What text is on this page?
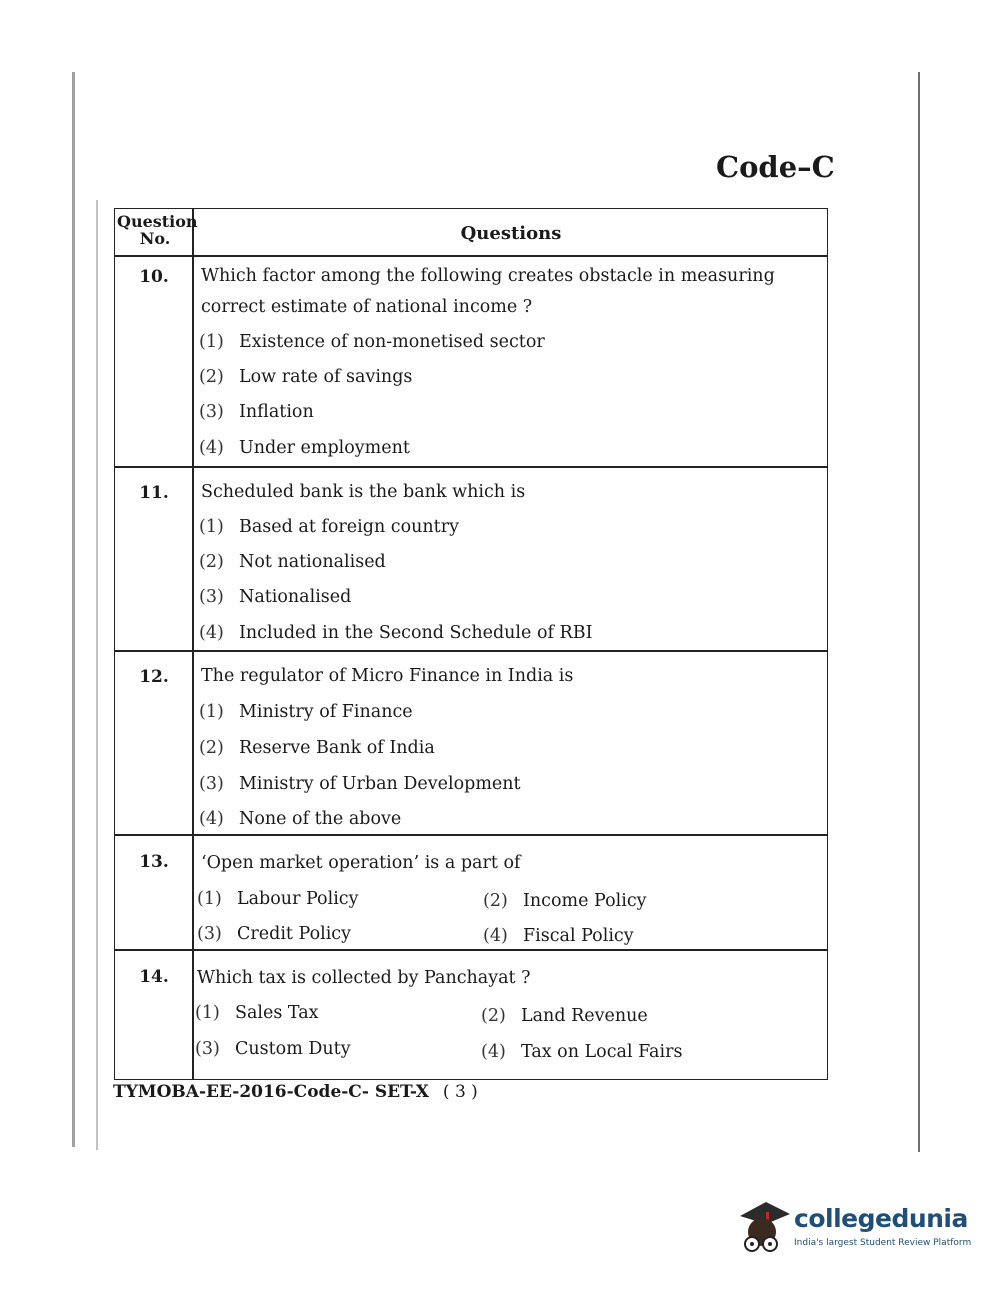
Code–C
Question
No.	Questions
10.	Which factor among the following creates obstacle in measuring correct estimate of national income ?
(1) Existence of non-monetised sector
(2) Low rate of savings
(3) Inflation
(4) Under employment
11.	Scheduled bank is the bank which is
(1) Based at foreign country
(2) Not nationalised
(3) Nationalised
(4) Included in the Second Schedule of RBI
12.	The regulator of Micro Finance in India is
(1) Ministry of Finance
(2) Reserve Bank of India
(3) Ministry of Urban Development
(4) None of the above
13.	‘Open market operation’ is a part of
(1) Labour Policy	(2) Income Policy
(3) Credit Policy	(4) Fiscal Policy
14.	Which tax is collected by Panchayat ?
(1) Sales Tax	(2) Land Revenue
(3) Custom Duty	(4) Tax on Local Fairs
TYMOBA-EE-2016-Code-C- SET-X ( 3 )
collegedunia
India's largest Student Review Platform
